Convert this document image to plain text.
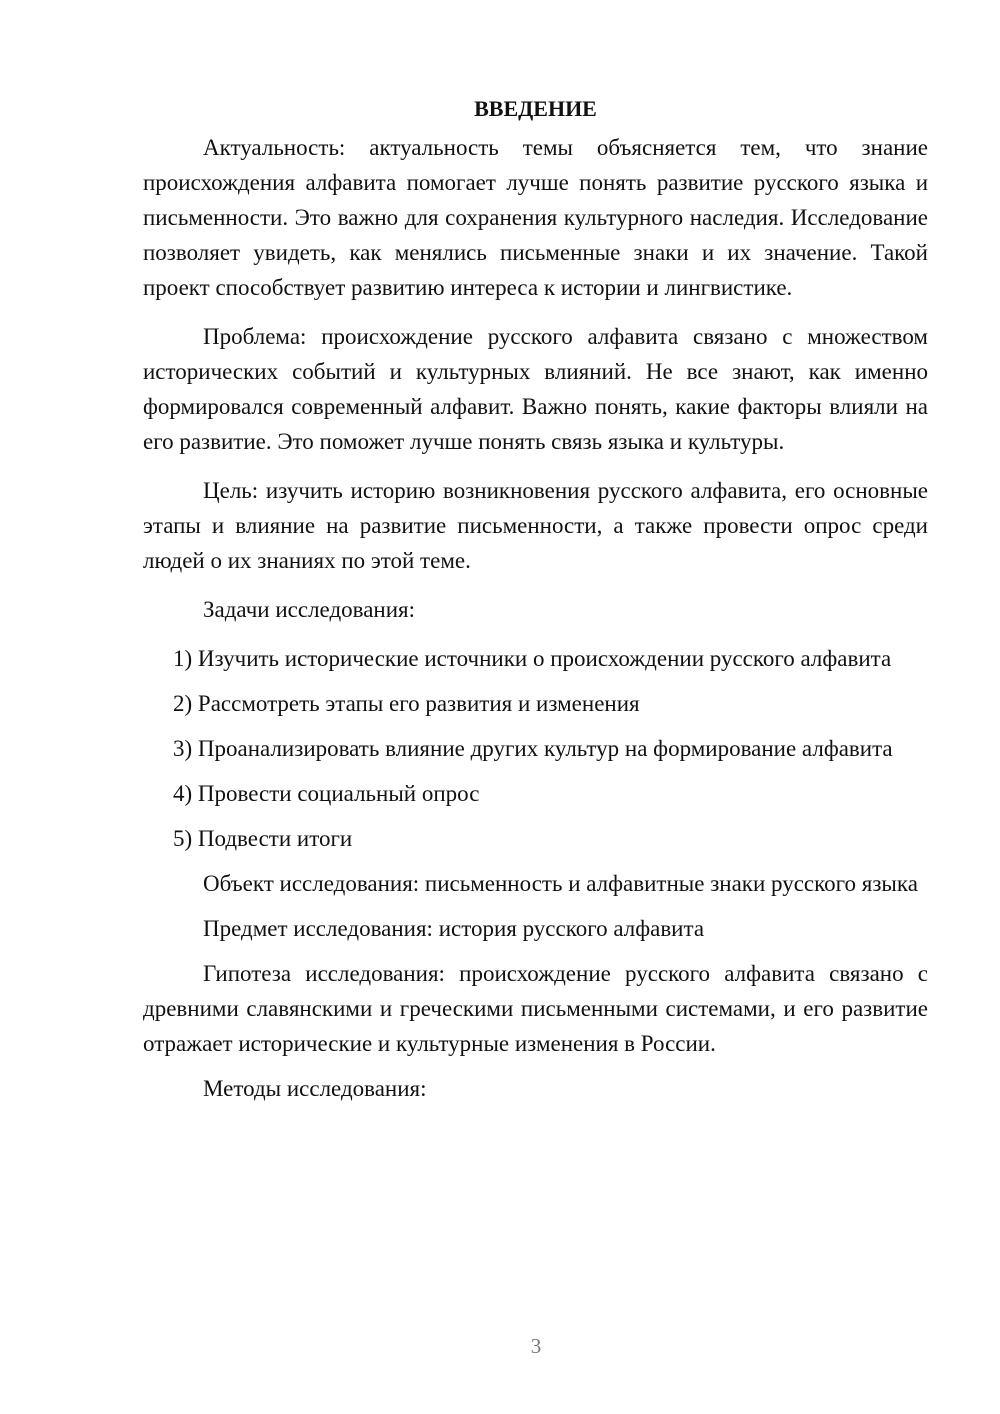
ВВЕДЕНИЕ

Актуальность: актуальность темы объясняется тем, что знание происхождения алфавита помогает лучше понять развитие русского языка и письменности. Это важно для сохранения культурного наследия. Исследование позволяет увидеть, как менялись письменные знаки и их значение. Такой проект способствует развитию интереса к истории и лингвистике.

Проблема: происхождение русского алфавита связано с множеством исторических событий и культурных влияний. Не все знают, как именно формировался современный алфавит. Важно понять, какие факторы влияли на его развитие. Это поможет лучше понять связь языка и культуры.

Цель: изучить историю возникновения русского алфавита, его основные этапы и влияние на развитие письменности, а также провести опрос среди людей о их знаниях по этой теме.

Задачи исследования:

1) Изучить исторические источники о происхождении русского алфавита

2) Рассмотреть этапы его развития и изменения

3) Проанализировать влияние других культур на формирование алфавита

4) Провести социальный опрос

5) Подвести итоги

Объект исследования: письменность и алфавитные знаки русского языка

Предмет исследования: история русского алфавита

Гипотеза исследования: происхождение русского алфавита связано с древними славянскими и греческими письменными системами, и его развитие отражает исторические и культурные изменения в России.

Методы исследования:

3
